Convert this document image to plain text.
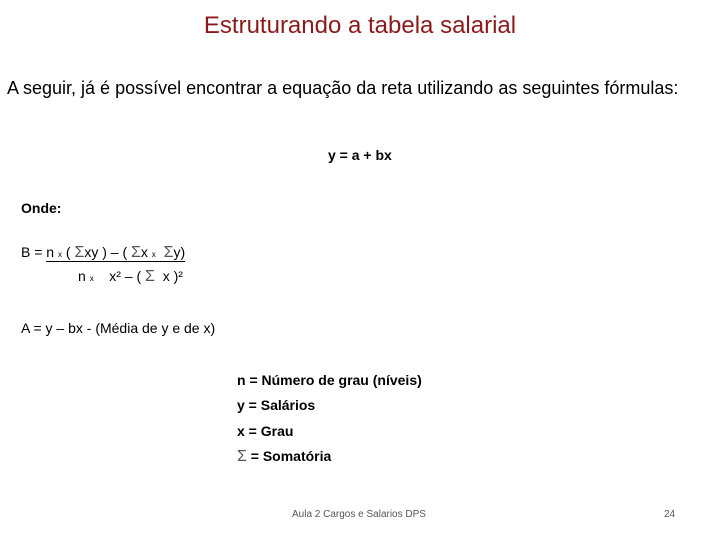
Estruturando a tabela salarial
A seguir, já é possível encontrar a equação da reta utilizando as seguintes fórmulas:
y = a + bx
Onde:
B = n x ( Σxy ) – ( Σx x Σy)
n x x² – ( Σ x )²
A = y – bx - (Média de y e de x)
n = Número de grau (níveis)
y = Salários
x = Grau
Σ = Somatória
Aula 2 Cargos e Salarios DPS	24
